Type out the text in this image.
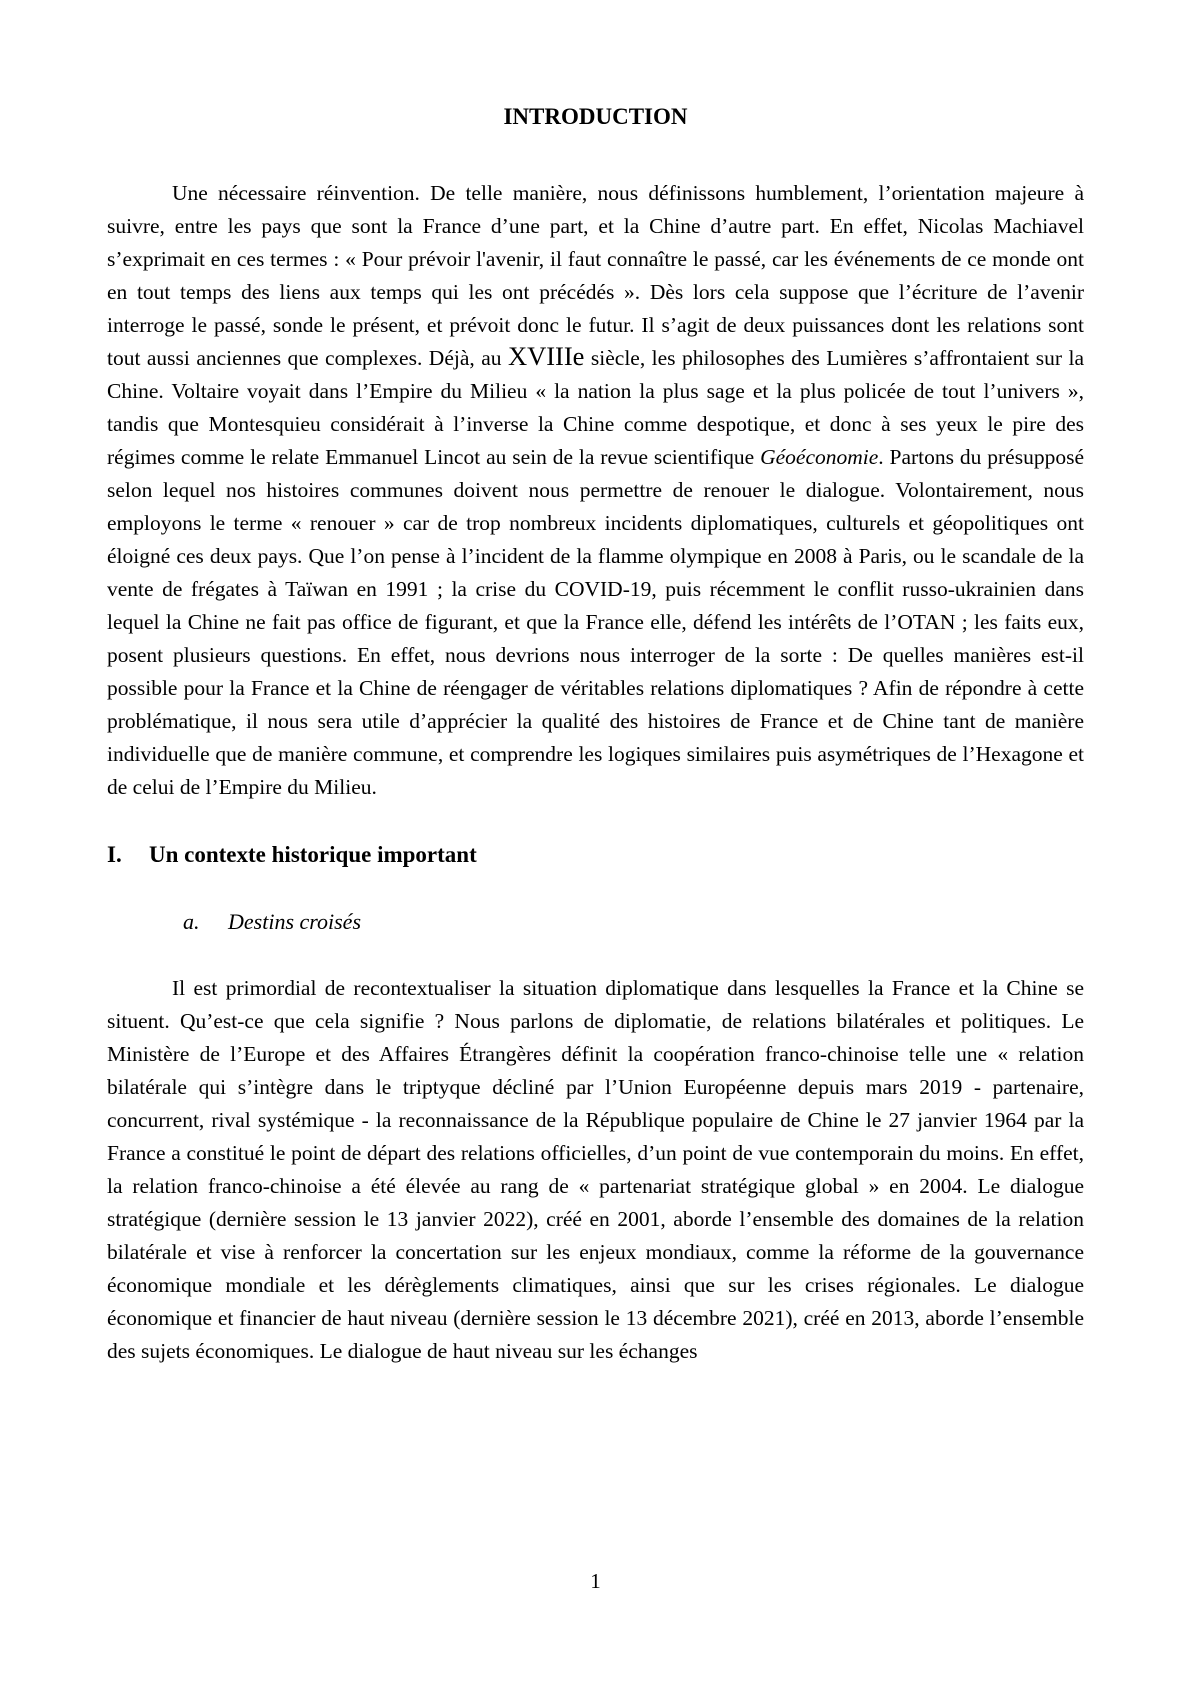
INTRODUCTION

Une nécessaire réinvention. De telle manière, nous définissons humblement, l’orientation majeure à suivre, entre les pays que sont la France d’une part, et la Chine d’autre part. En effet, Nicolas Machiavel s’exprimait en ces termes : « Pour prévoir l'avenir, il faut connaître le passé, car les événements de ce monde ont en tout temps des liens aux temps qui les ont précédés ». Dès lors cela suppose que l’écriture de l’avenir interroge le passé, sonde le présent, et prévoit donc le futur. Il s’agit de deux puissances dont les relations sont tout aussi anciennes que complexes. Déjà, au XVIIIe siècle, les philosophes des Lumières s’affrontaient sur la Chine. Voltaire voyait dans l’Empire du Milieu « la nation la plus sage et la plus policée de tout l’univers », tandis que Montesquieu considérait à l’inverse la Chine comme despotique, et donc à ses yeux le pire des régimes comme le relate Emmanuel Lincot au sein de la revue scientifique Géoéconomie. Partons du présupposé selon lequel nos histoires communes doivent nous permettre de renouer le dialogue. Volontairement, nous employons le terme « renouer » car de trop nombreux incidents diplomatiques, culturels et géopolitiques ont éloigné ces deux pays. Que l’on pense à l’incident de la flamme olympique en 2008 à Paris, ou le scandale de la vente de frégates à Taïwan en 1991 ; la crise du COVID-19, puis récemment le conflit russo-ukrainien dans lequel la Chine ne fait pas office de figurant, et que la France elle, défend les intérêts de l’OTAN ; les faits eux, posent plusieurs questions. En effet, nous devrions nous interroger de la sorte : De quelles manières est-il possible pour la France et la Chine de réengager de véritables relations diplomatiques ? Afin de répondre à cette problématique, il nous sera utile d’apprécier la qualité des histoires de France et de Chine tant de manière individuelle que de manière commune, et comprendre les logiques similaires puis asymétriques de l’Hexagone et de celui de l’Empire du Milieu.

I. Un contexte historique important
a. Destins croisés

Il est primordial de recontextualiser la situation diplomatique dans lesquelles la France et la Chine se situent. Qu’est-ce que cela signifie ? Nous parlons de diplomatie, de relations bilatérales et politiques. Le Ministère de l’Europe et des Affaires Étrangères définit la coopération franco-chinoise telle une « relation bilatérale qui s’intègre dans le triptyque décliné par l’Union Européenne depuis mars 2019 - partenaire, concurrent, rival systémique - la reconnaissance de la République populaire de Chine le 27 janvier 1964 par la France a constitué le point de départ des relations officielles, d’un point de vue contemporain du moins. En effet, la relation franco-chinoise a été élevée au rang de « partenariat stratégique global » en 2004. Le dialogue stratégique (dernière session le 13 janvier 2022), créé en 2001, aborde l’ensemble des domaines de la relation bilatérale et vise à renforcer la concertation sur les enjeux mondiaux, comme la réforme de la gouvernance économique mondiale et les dérèglements climatiques, ainsi que sur les crises régionales. Le dialogue économique et financier de haut niveau (dernière session le 13 décembre 2021), créé en 2013, aborde l’ensemble des sujets économiques. Le dialogue de haut niveau sur les échanges

1
